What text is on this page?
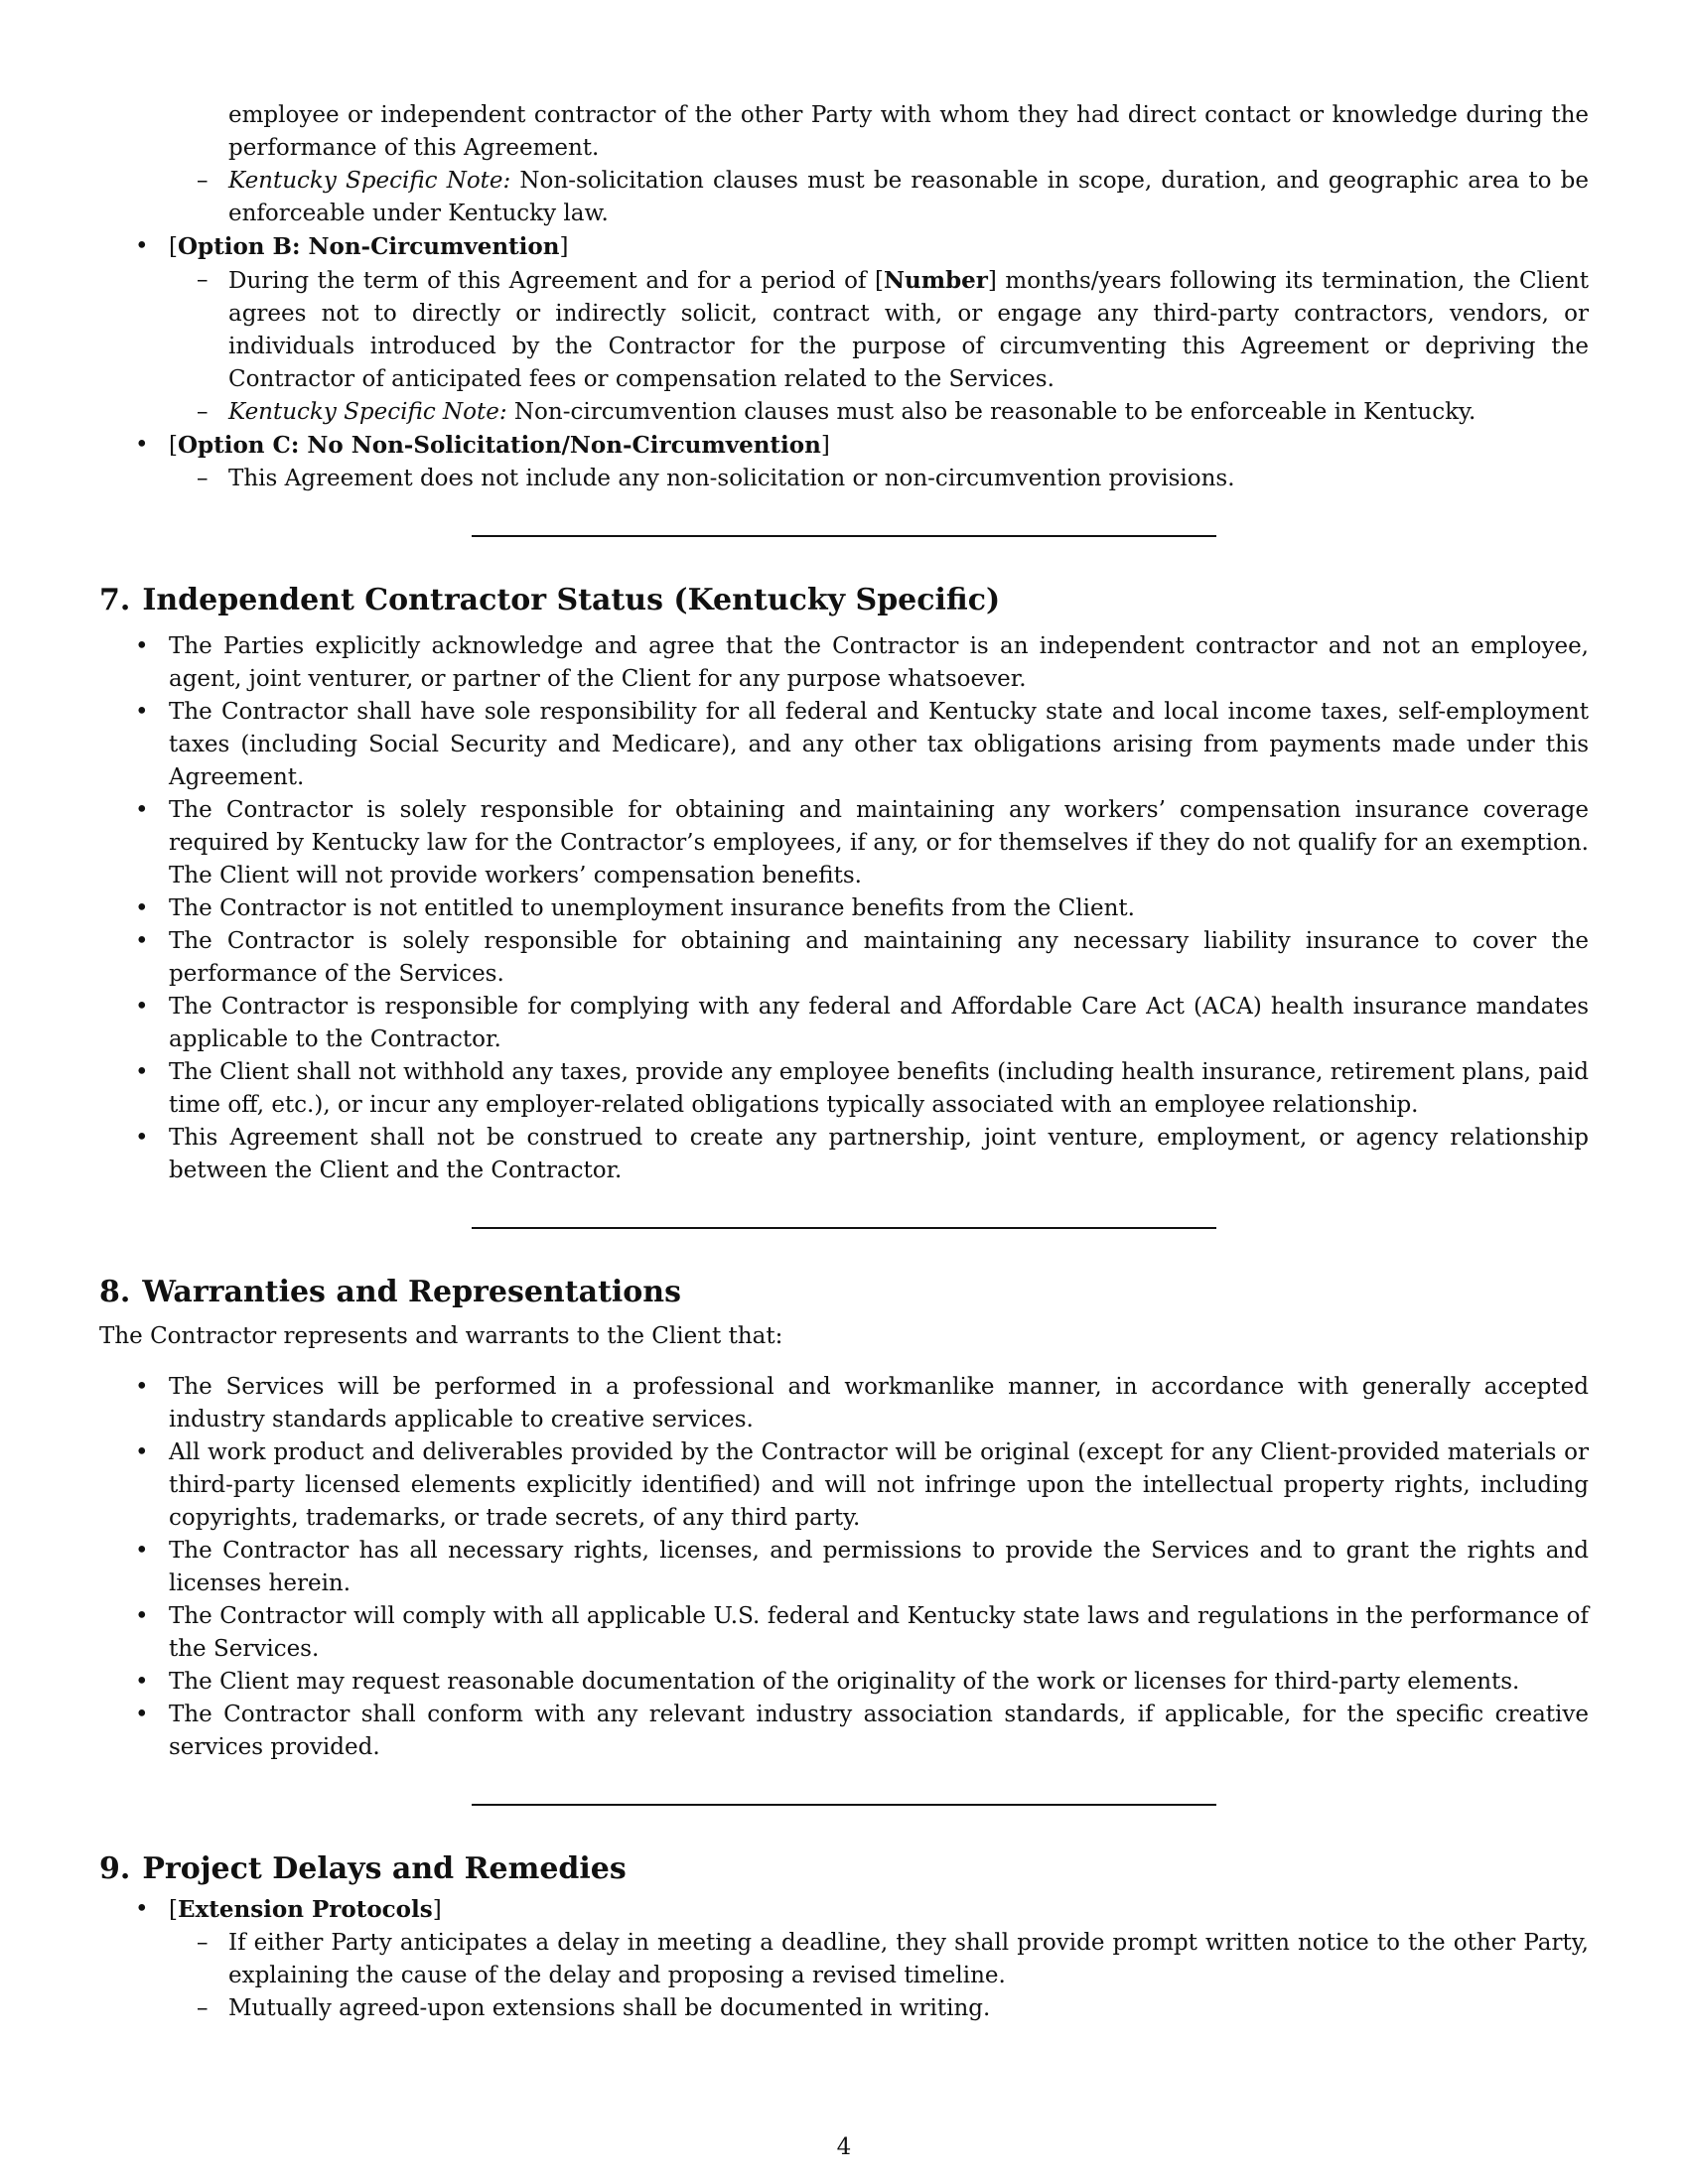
employee or independent contractor of the other Party with whom they had direct contact or knowledge during the performance of this Agreement.
– Kentucky Specific Note: Non-solicitation clauses must be reasonable in scope, duration, and geographic area to be enforceable under Kentucky law.
• [Option B: Non-Circumvention]
– During the term of this Agreement and for a period of [Number] months/years following its termination, the Client agrees not to directly or indirectly solicit, contract with, or engage any third-party contractors, vendors, or individuals introduced by the Contractor for the purpose of circumventing this Agreement or depriving the Contractor of anticipated fees or compensation related to the Services.
– Kentucky Specific Note: Non-circumvention clauses must also be reasonable to be enforceable in Kentucky.
• [Option C: No Non-Solicitation/Non-Circumvention]
– This Agreement does not include any non-solicitation or non-circumvention provisions.
7. Independent Contractor Status (Kentucky Specific)
• The Parties explicitly acknowledge and agree that the Contractor is an independent contractor and not an employee, agent, joint venturer, or partner of the Client for any purpose whatsoever.
• The Contractor shall have sole responsibility for all federal and Kentucky state and local income taxes, self-employment taxes (including Social Security and Medicare), and any other tax obligations arising from payments made under this Agreement.
• The Contractor is solely responsible for obtaining and maintaining any workers’ compensation insurance coverage required by Kentucky law for the Contractor’s employees, if any, or for themselves if they do not qualify for an exemption. The Client will not provide workers’ compensation benefits.
• The Contractor is not entitled to unemployment insurance benefits from the Client.
• The Contractor is solely responsible for obtaining and maintaining any necessary liability insurance to cover the performance of the Services.
• The Contractor is responsible for complying with any federal and Affordable Care Act (ACA) health insurance mandates applicable to the Contractor.
• The Client shall not withhold any taxes, provide any employee benefits (including health insurance, retirement plans, paid time off, etc.), or incur any employer-related obligations typically associated with an employee relationship.
• This Agreement shall not be construed to create any partnership, joint venture, employment, or agency relationship between the Client and the Contractor.
8. Warranties and Representations

The Contractor represents and warrants to the Client that:

• The Services will be performed in a professional and workmanlike manner, in accordance with generally accepted industry standards applicable to creative services.
• All work product and deliverables provided by the Contractor will be original (except for any Client-provided materials or third-party licensed elements explicitly identified) and will not infringe upon the intellectual property rights, including copyrights, trademarks, or trade secrets, of any third party.
• The Contractor has all necessary rights, licenses, and permissions to provide the Services and to grant the rights and licenses herein.
• The Contractor will comply with all applicable U.S. federal and Kentucky state laws and regulations in the performance of the Services.
• The Client may request reasonable documentation of the originality of the work or licenses for third-party elements.
• The Contractor shall conform with any relevant industry association standards, if applicable, for the specific creative services provided.
9. Project Delays and Remedies
• [Extension Protocols]
– If either Party anticipates a delay in meeting a deadline, they shall provide prompt written notice to the other Party, explaining the cause of the delay and proposing a revised timeline.
– Mutually agreed-upon extensions shall be documented in writing.
4
